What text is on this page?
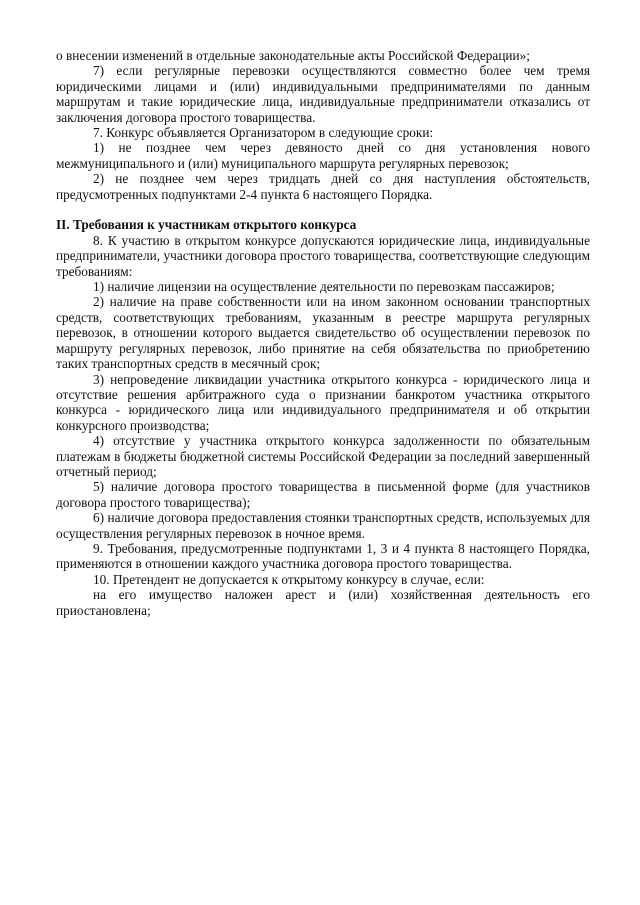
о внесении изменений в отдельные законодательные акты Российской Федерации»;

7) если регулярные перевозки осуществляются совместно более чем тремя юридическими лицами и (или) индивидуальными предпринимателями по данным маршрутам и такие юридические лица, индивидуальные предприниматели отказались от заключения договора простого товарищества.

7. Конкурс объявляется Организатором в следующие сроки:

1) не позднее чем через девяносто дней со дня установления нового межмуниципального и (или) муниципального маршрута регулярных перевозок;

2) не позднее чем через тридцать дней со дня наступления обстоятельств, предусмотренных подпунктами 2-4 пункта 6 настоящего Порядка.

II. Требования к участникам открытого конкурса

8. К участию в открытом конкурсе допускаются юридические лица, индивидуальные предприниматели, участники договора простого товарищества, соответствующие следующим требованиям:

1) наличие лицензии на осуществление деятельности по перевозкам пассажиров;

2) наличие на праве собственности или на ином законном основании транспортных средств, соответствующих требованиям, указанным в реестре маршрута регулярных перевозок, в отношении которого выдается свидетельство об осуществлении перевозок по маршруту регулярных перевозок, либо принятие на себя обязательства по приобретению таких транспортных средств в месячный срок;

3) непроведение ликвидации участника открытого конкурса - юридического лица и отсутствие решения арбитражного суда о признании банкротом участника открытого конкурса - юридического лица или индивидуального предпринимателя и об открытии конкурсного производства;

4) отсутствие у участника открытого конкурса задолженности по обязательным платежам в бюджеты бюджетной системы Российской Федерации за последний завершенный отчетный период;

5) наличие договора простого товарищества в письменной форме (для участников договора простого товарищества);

6) наличие договора предоставления стоянки транспортных средств, используемых для осуществления регулярных перевозок в ночное время.

9. Требования, предусмотренные подпунктами 1, 3 и 4 пункта 8 настоящего Порядка, применяются в отношении каждого участника договора простого товарищества.

10. Претендент не допускается к открытому конкурсу в случае, если:

на его имущество наложен арест и (или) хозяйственная деятельность его приостановлена;
